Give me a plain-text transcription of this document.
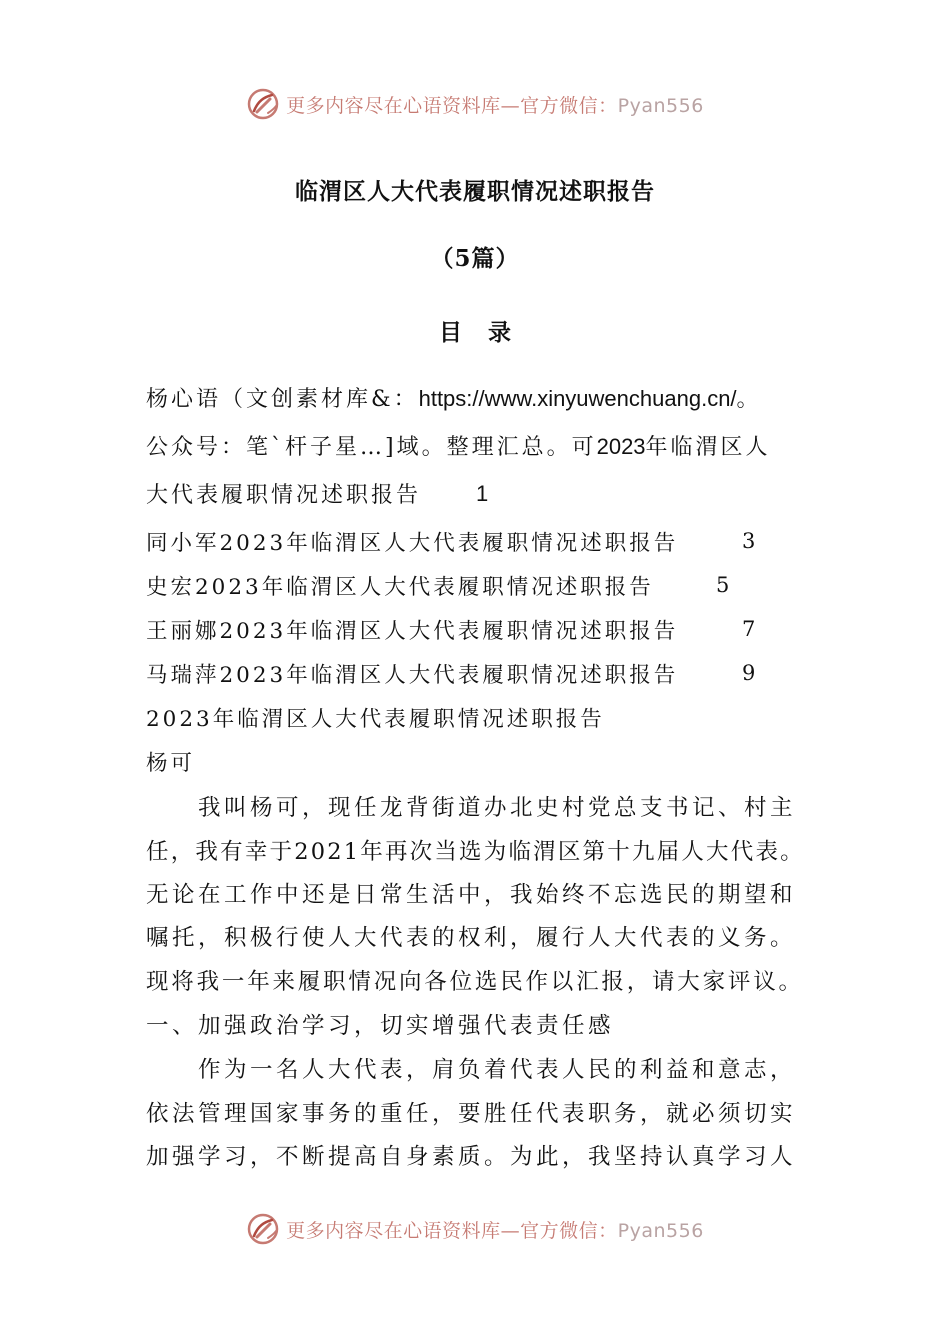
更多内容尽在心语资料库—官方微信：Pyan556
临渭区人大代表履职情况述职报告
（5篇）
目录
杨心语（文创素材库&：https://www.xinyuwenchuang.cn/。
公众号：笔`杆子星…]域。整理汇总。可2023年临渭区人
大代表履职情况述职报告 1
同小军2023年临渭区人大代表履职情况述职报告	3
史宏2023年临渭区人大代表履职情况述职报告	5
王丽娜2023年临渭区人大代表履职情况述职报告	7
马瑞萍2023年临渭区人大代表履职情况述职报告	9
2023年临渭区人大代表履职情况述职报告
杨可
　　我叫杨可，现任龙背街道办北史村党总支书记、村主
任，我有幸于2021年再次当选为临渭区第十九届人大代表。
无论在工作中还是日常生活中，我始终不忘选民的期望和
嘱托，积极行使人大代表的权利，履行人大代表的义务。
现将我一年来履职情况向各位选民作以汇报，请大家评议。
一、加强政治学习，切实增强代表责任感
　　作为一名人大代表，肩负着代表人民的利益和意志，
依法管理国家事务的重任，要胜任代表职务，就必须切实
加强学习，不断提高自身素质。为此，我坚持认真学习人
更多内容尽在心语资料库—官方微信：Pyan556
